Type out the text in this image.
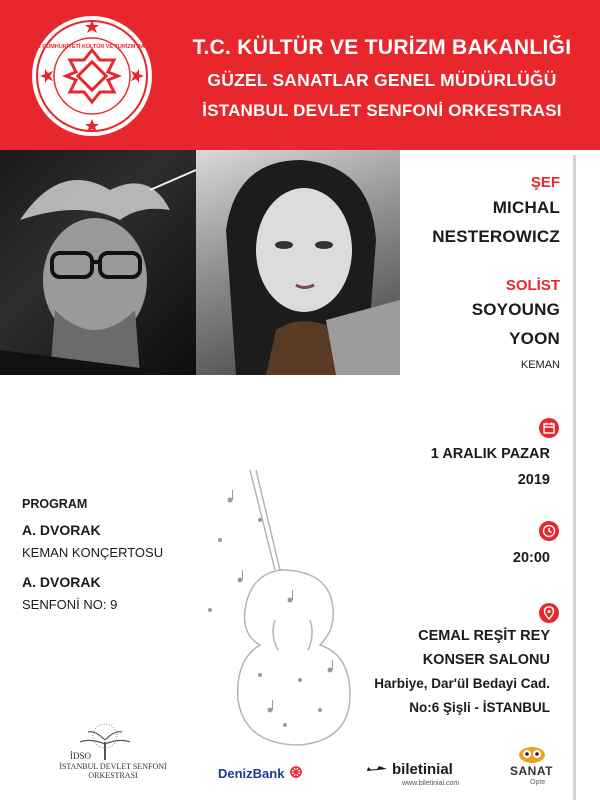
TÜRKİYE CUMHURİYETİ KÜLTÜR VE TURİZM BAKANLIĞI	T.C. KÜLTÜR VE TURİZM BAKANLIĞI
GÜZEL SANATLAR GENEL MÜDÜRLÜĞÜ
İSTANBUL DEVLET SENFONİ ORKESTRASI
ŞEF
MICHAL
NESTEROWICZ
SOLİST
SOYOUNG
YOON
KEMAN
1 ARALIK PAZAR
2019
20:00
CEMAL REŞİT REY
KONSER SALONU
Harbiye, Dar'ül Bedayi Cad.
No:6 Şişli - İSTANBUL
PROGRAM
A. DVORAK
KEMAN KONÇERTOSU
A. DVORAK
SENFONİ NO: 9
İDSO
İSTANBUL DEVLET SENFONİ ORKESTRASI	DenizBank	biletinial
www.biletinial.com
SANAT
Opte
